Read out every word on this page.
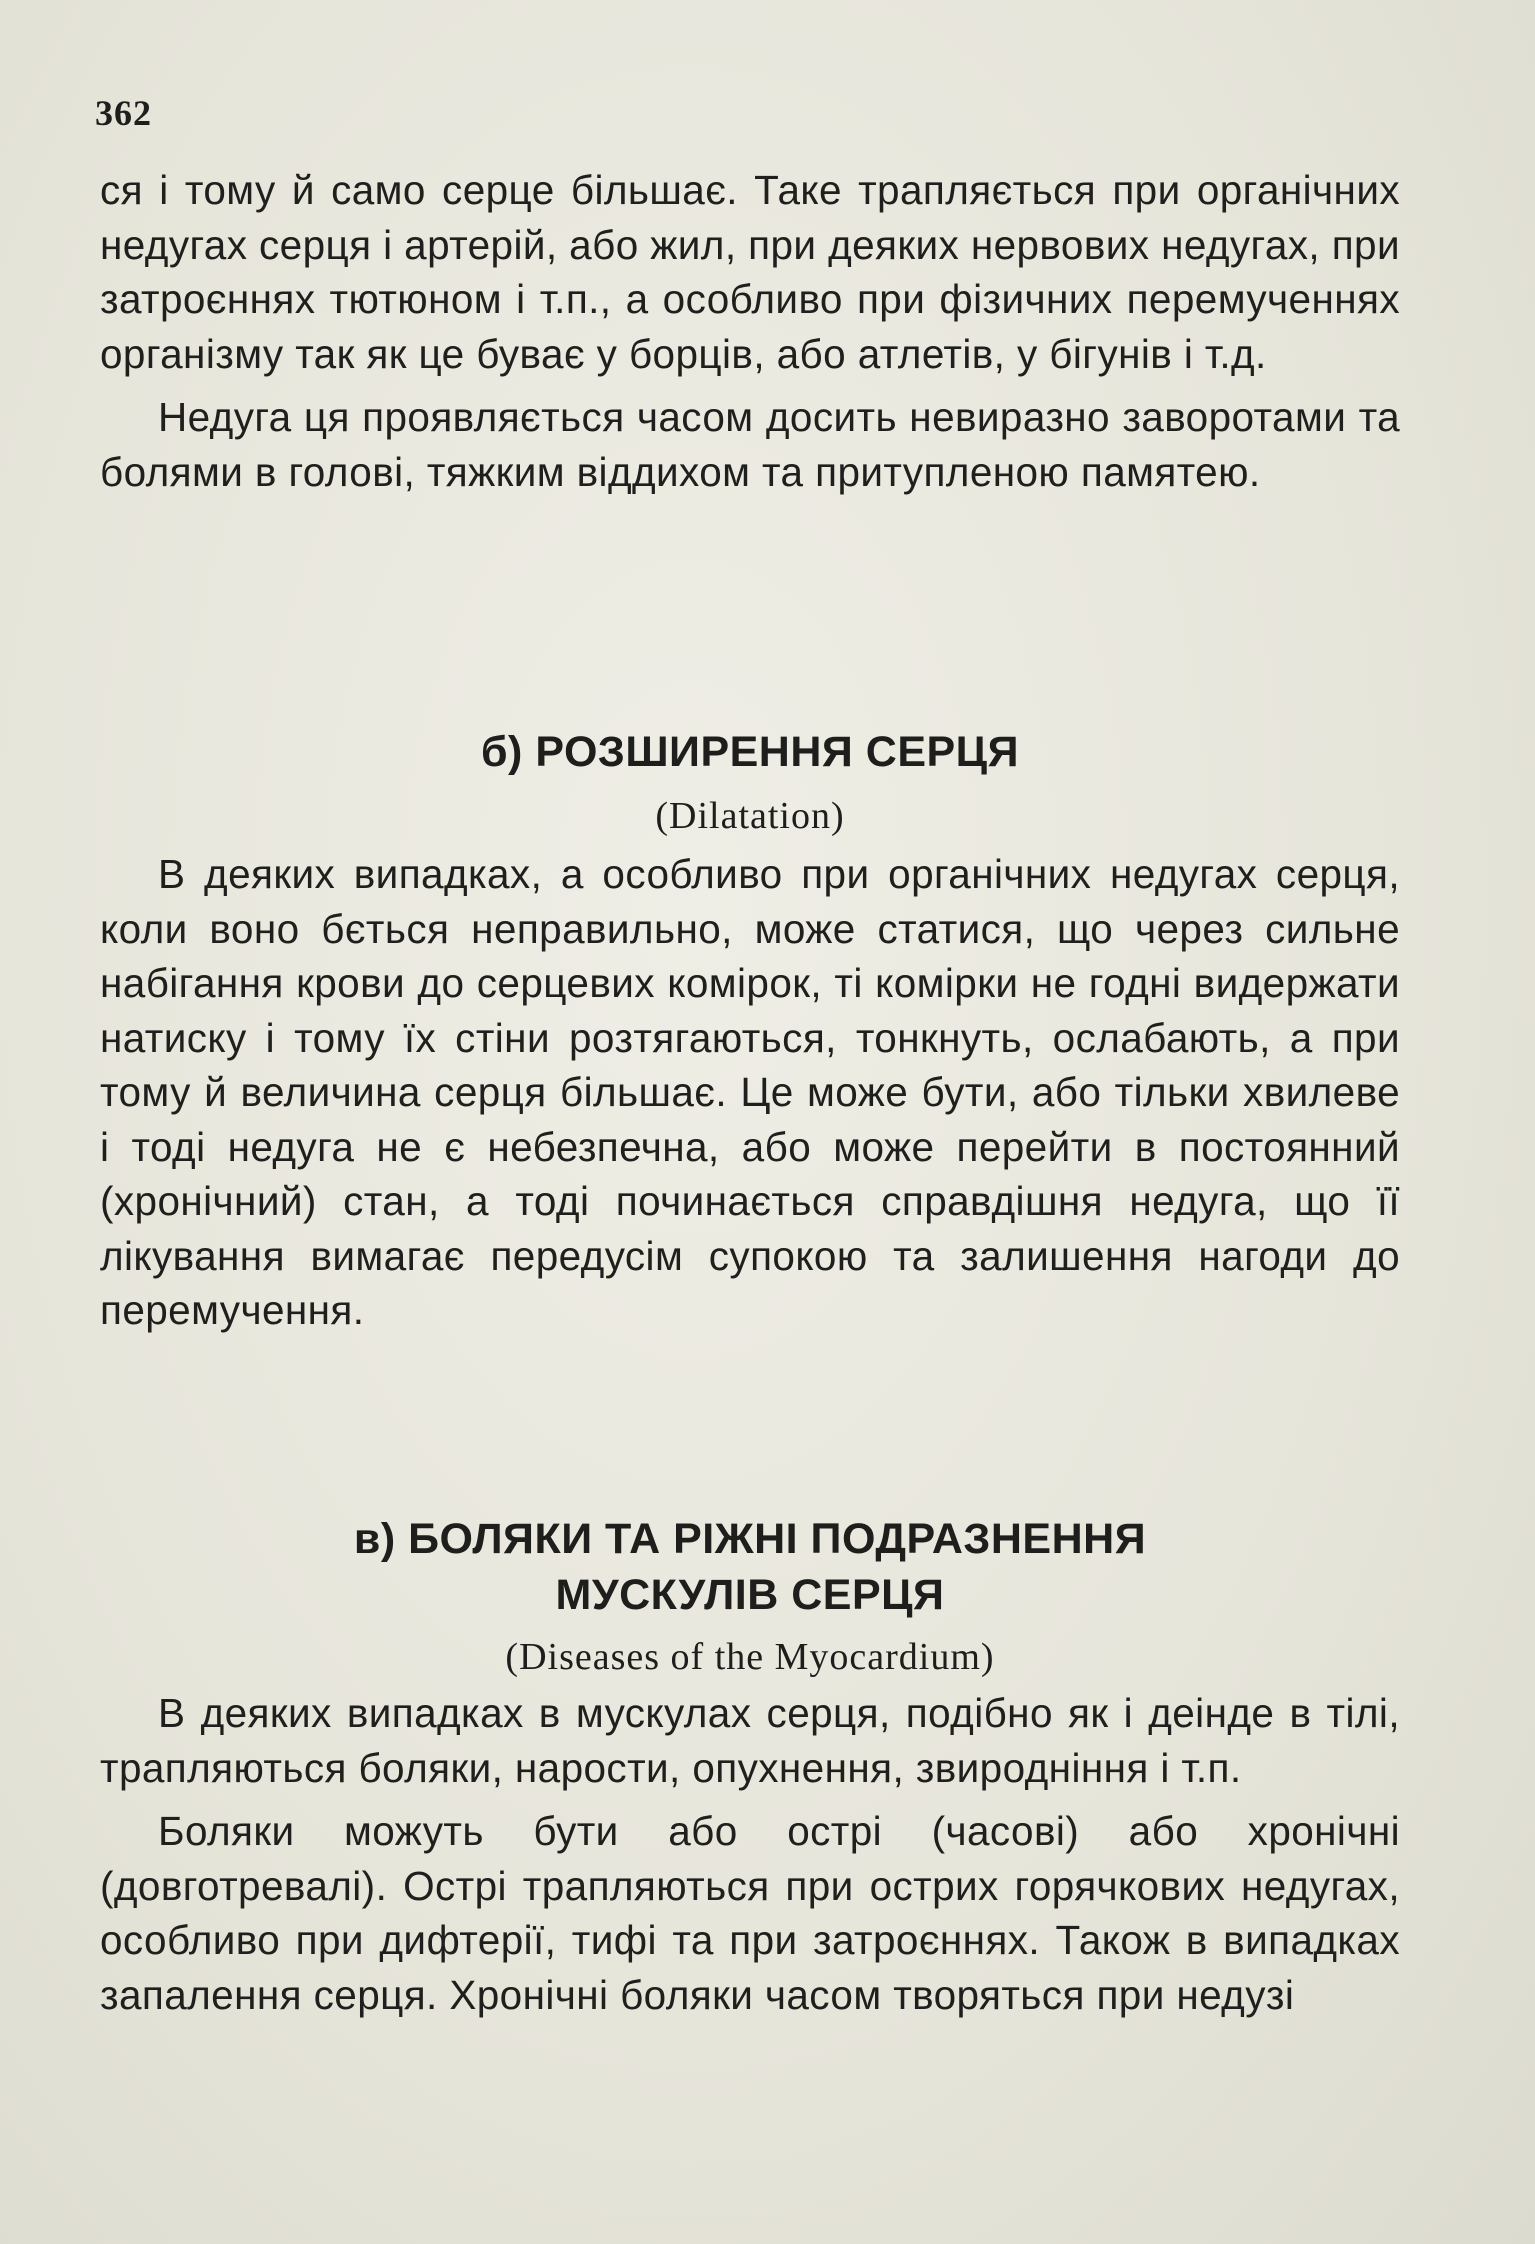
362

ся і тому й само серце більшає. Таке трапляється при органічних недугах серця і артерій, або жил, при деяких нервових недугах, при затроєннях тютюном і т.п., а особливо при фізичних перемученнях організму так як це буває у борців, або атлетів, у бігунів і т.д.

Недуга ця проявляється часом досить невиразно заворотами та болями в голові, тяжким віддихом та притупленою памятею.

б) РОЗШИРЕННЯ СЕРЦЯ
(Dilatation)

В деяких випадках, а особливо при органічних недугах серця, коли воно бється неправильно, може статися, що через сильне набігання крови до серцевих комірок, ті комірки не годні видержати натиску і тому їх стіни розтягаються, тонкнуть, ослабають, а при тому й величина серця більшає. Це може бути, або тільки хвилеве і тоді недуга не є небезпечна, або може перейти в постоянний (хронічний) стан, а тоді починається справдішня недуга, що її лікування вимагає передусім супокою та залишення нагоди до перемучення.

в) БОЛЯКИ ТА РІЖНІ ПОДРАЗНЕННЯ
МУСКУЛІВ СЕРЦЯ
(Diseases of the Myocardium)

В деяких випадках в мускулах серця, подібно як і деінде в тілі, трапляються боляки, нарости, опухнення, звиродніння і т.п.

Боляки можуть бути або острі (часові) або хронічні (довготревалі). Острі трапляються при острих горячкових недугах, особливо при дифтерії, тифі та при затроєннях. Також в випадках запалення серця. Хронічні боляки часом творяться при недузі
